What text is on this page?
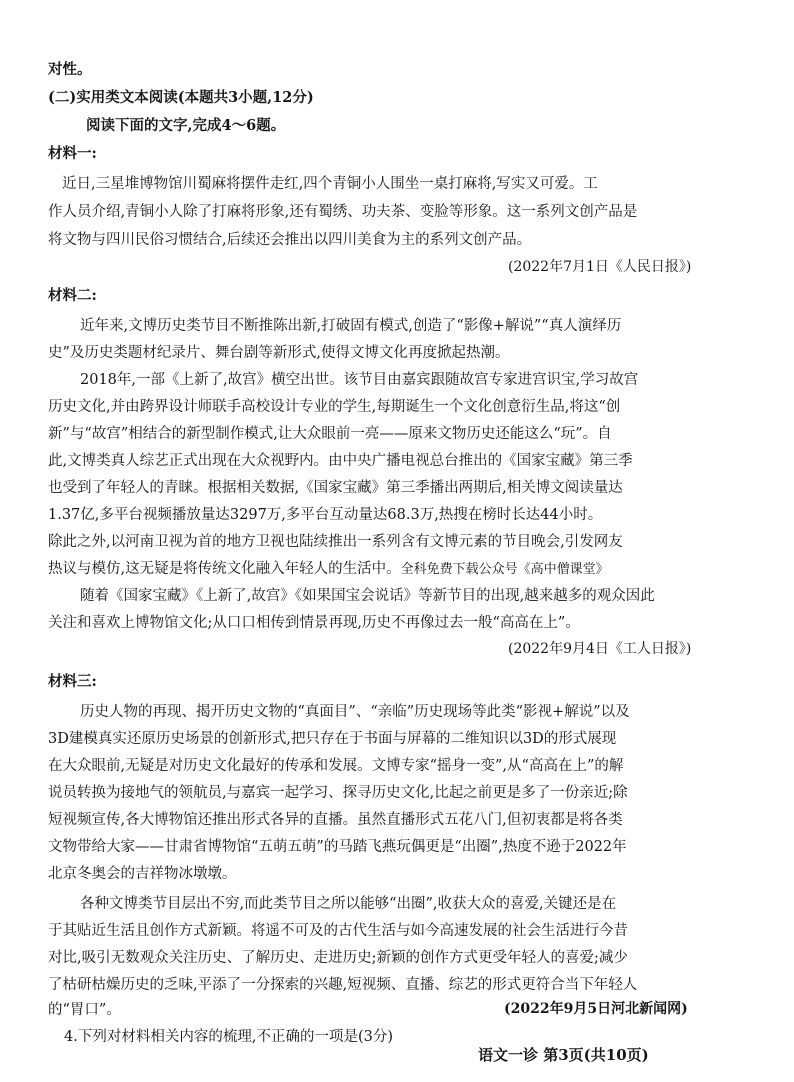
对性。
(二)实用类文本阅读(本题共3小题,12分)
阅读下面的文字,完成4～6题。
材料一:
近日,三星堆博物馆川蜀麻将摆件走红,四个青铜小人围坐一桌打麻将,写实又可爱。工
作人员介绍,青铜小人除了打麻将形象,还有蜀绣、功夫茶、变脸等形象。这一系列文创产品是
将文物与四川民俗习惯结合,后续还会推出以四川美食为主的系列文创产品。
(2022年7月1日《人民日报》)
材料二:
近年来,文博历史类节目不断推陈出新,打破固有模式,创造了“影像+解说”“真人演绎历
史”及历史类题材纪录片、舞台剧等新形式,使得文博文化再度掀起热潮。
2018年,一部《上新了,故宫》横空出世。该节目由嘉宾跟随故宫专家进宫识宝,学习故宫
历史文化,并由跨界设计师联手高校设计专业的学生,每期诞生一个文化创意衍生品,将这“创
新”与“故宫”相结合的新型制作模式,让大众眼前一亮——原来文物历史还能这么“玩”。自
此,文博类真人综艺正式出现在大众视野内。由中央广播电视总台推出的《国家宝藏》第三季
也受到了年轻人的青睐。根据相关数据,《国家宝藏》第三季播出两期后,相关博文阅读量达
1.37亿,多平台视频播放量达3297万,多平台互动量达68.3万,热搜在榜时长达44小时。
除此之外,以河南卫视为首的地方卫视也陆续推出一系列含有文博元素的节目晚会,引发网友
热议与模仿,这无疑是将传统文化融入年轻人的生活中。全科免费下载公众号《高中僧课堂》
随着《国家宝藏》《上新了,故宫》《如果国宝会说话》等新节目的出现,越来越多的观众因此
关注和喜欢上博物馆文化;从口口相传到情景再现,历史不再像过去一般“高高在上”。
(2022年9月4日《工人日报》)
材料三:
历史人物的再现、揭开历史文物的“真面目”、“亲临”历史现场等此类“影视+解说”以及
3D建模真实还原历史场景的创新形式,把只存在于书面与屏幕的二维知识以3D的形式展现
在大众眼前,无疑是对历史文化最好的传承和发展。文博专家“摇身一变”,从“高高在上”的解
说员转换为接地气的领航员,与嘉宾一起学习、探寻历史文化,比起之前更是多了一份亲近;除
短视频宣传,各大博物馆还推出形式各异的直播。虽然直播形式五花八门,但初衷都是将各类
文物带给大家——甘肃省博物馆“五萌五萌”的马踏飞燕玩偶更是“出圈”,热度不逊于2022年
北京冬奥会的吉祥物冰墩墩。
各种文博类节目层出不穷,而此类节目之所以能够“出圈”,收获大众的喜爱,关键还是在
于其贴近生活且创作方式新颖。将遥不可及的古代生活与如今高速发展的社会生活进行今昔
对比,吸引无数观众关注历史、了解历史、走进历史;新颖的创作方式更受年轻人的喜爱;减少
了枯研枯燥历史的乏味,平添了一分探索的兴趣,短视频、直播、综艺的形式更符合当下年轻人
的“胃口”。	(2022年9月5日河北新闻网)
4.下列对材料相关内容的梳理,不正确的一项是(3分)
语文一诊 第3页(共10页)
